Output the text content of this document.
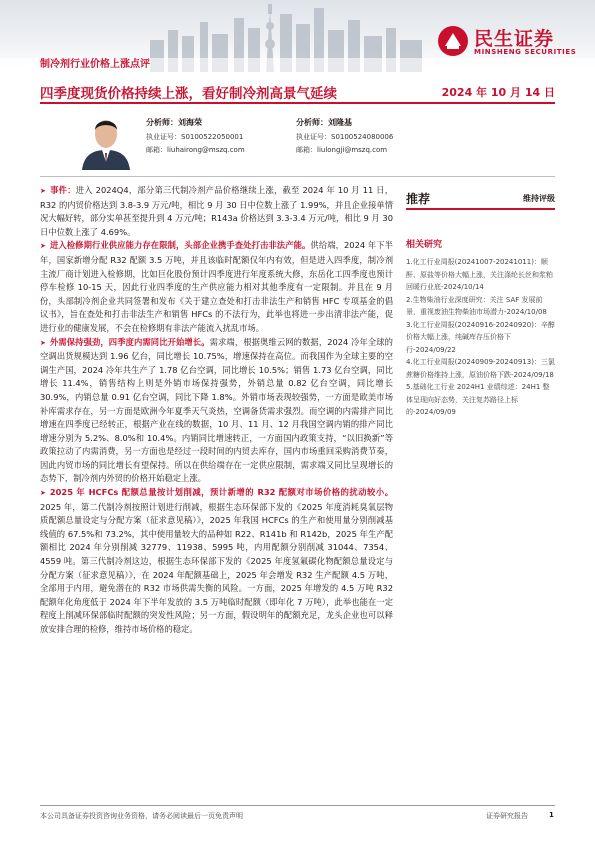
民生证券
MINSHENG SECURITIES
制冷剂行业价格上涨点评
四季度现货价格持续上涨，看好制冷剂高景气延续	2024 年 10 月 14 日
分析师：刘海荣
执业证号：S0100522050001
邮箱：liuhairong@mszq.com
分析师：刘隆基
执业证号：S0100524080006
邮箱：liulongji@mszq.com

➤ 事件：进入 2024Q4，部分第三代制冷剂产品价格继续上涨，截至 2024 年 10 月 11 日，R32 的内贸价格达到 3.8-3.9 万元/吨，相比 9 月 30 日中位数上涨了 1.99%，并且企业接单情况大幅好转，部分实单甚至提升到 4 万元/吨；R143a 价格达到 3.3-3.4 万元/吨，相比 9 月 30 日中位数上涨了 4.69%。

➤ 进入检修期行业供应能力存在限制，头部企业携手查处打击非法产能。供给端，2024 年下半年，国家新增分配 R32 配额 3.5 万吨，并且该临时配额仅年内有效，但是进入四季度，制冷剂主流厂商计划进入检修期，比如巨化股份预计四季度进行年度系统大修，东岳化工四季度也预计停车检修 10-15 天，因此行业四季度的生产供应能力相对其他季度有一定限制。并且在 9 月份，头部制冷剂企业共同签署和发布《关于建立查处和打击非法生产和销售 HFC 专项基金的倡议书》，旨在查处和打击非法生产和销售 HFCs 的不法行为，此举也将进一步出清非法产能，促进行业的健康发展，不会在检修期有非法产能流入扰乱市场。

➤ 外需保持强劲，四季度内需同比开始增长。需求端，根据奥维云网的数据，2024 冷年全球的空调出货规模达到 1.96 亿台，同比增长 10.75%，增速保持在高位。而我国作为全球主要的空调生产国，2024 冷年共生产了 1.78 亿台空调，同比增长 10.5%；销售 1.73 亿台空调，同比增长 11.4%，销售结构上则是外销市场保持强势，外销总量 0.82 亿台空调，同比增长 30.9%，内销总量 0.91 亿台空调，同比下降 1.8%。外销市场表现较强势，一方面是欧美市场补库需求存在，另一方面是欧洲今年夏季天气炎热，空调备货需求强烈。而空调的内需排产同比增速在四季度已经转正，根据产业在线的数据，10 月、11 月、12 月我国空调内销的排产同比增速分别为 5.2%、8.0%和 10.4%。内销同比增速转正，一方面国内政策支持，“以旧换新”等政策拉动了内需消费，另一方面也是经过一段时间的内贸去库存，国内市场重回采购消费节奏，因此内贸市场的同比增长有望保持。所以在供给端存在一定供应限制，需求端又同比呈现增长的态势下，制冷剂内外贸的价格开始稳定上涨。

➤ 2025 年 HCFCs 配额总量按计划削减，预计新增的 R32 配额对市场价格的扰动较小。2025 年，第二代制冷剂按照计划进行削减，根据生态环保部下发的《2025 年度消耗臭氧层物质配额总量设定与分配方案（征求意见稿）》，2025 年我国 HCFCs 的生产和使用量分别削减基线值的 67.5%和 73.2%，其中使用量较大的品种如 R22、R141b 和 R142b，2025 年生产配额相比 2024 年分别削减 32779、11938、5995 吨，内用配额分别削减 31044、7354、4559 吨。第三代制冷剂这边，根据生态环保部下发的《2025 年度氢氟碳化物配额总量设定与分配方案（征求意见稿）》，在 2024 年配额基础上，2025 年会增发 R32 生产配额 4.5 万吨，全部用于内用，避免潜在的 R32 市场供需失衡的风险。一方面，2025 年增发的 4.5 万吨 R32 配额年化角度低于 2024 年下半年发放的 3.5 万吨临时配额（即年化 7 万吨），此举也能在一定程度上削减环保部临时配额的突发性风险；另一方面，假设明年的配额充足，龙头企业也可以释放安排合理的检修，维持市场价格的稳定。

推荐	维持评级
相关研究
1.化工行业周报(20241007-20241011)：顺酐、原盐等价格大幅上涨，关注涤纶长丝和浆粕回暖行业底-2024/10/14
2.生物柴油行业深度研究：关注 SAF 发展前景，重视废油生物柴油市场潜力-2024/10/08
3.化工行业周报(20240916-20240920)：辛醇价格大幅上涨，纯碱库存压价格下行-2024/09/22
4.化工行业周报(20240909-20240913)：三氯蔗糖价格维持上涨，原油价格下跌-2024/09/18
5.基础化工行业 2024H1 业绩综述：24H1 整体呈现向好态势，关注复苏路径上标的-2024/09/09
本公司具备证券投资咨询业务资格，请务必阅读最后一页免责声明	证券研究报告	1
